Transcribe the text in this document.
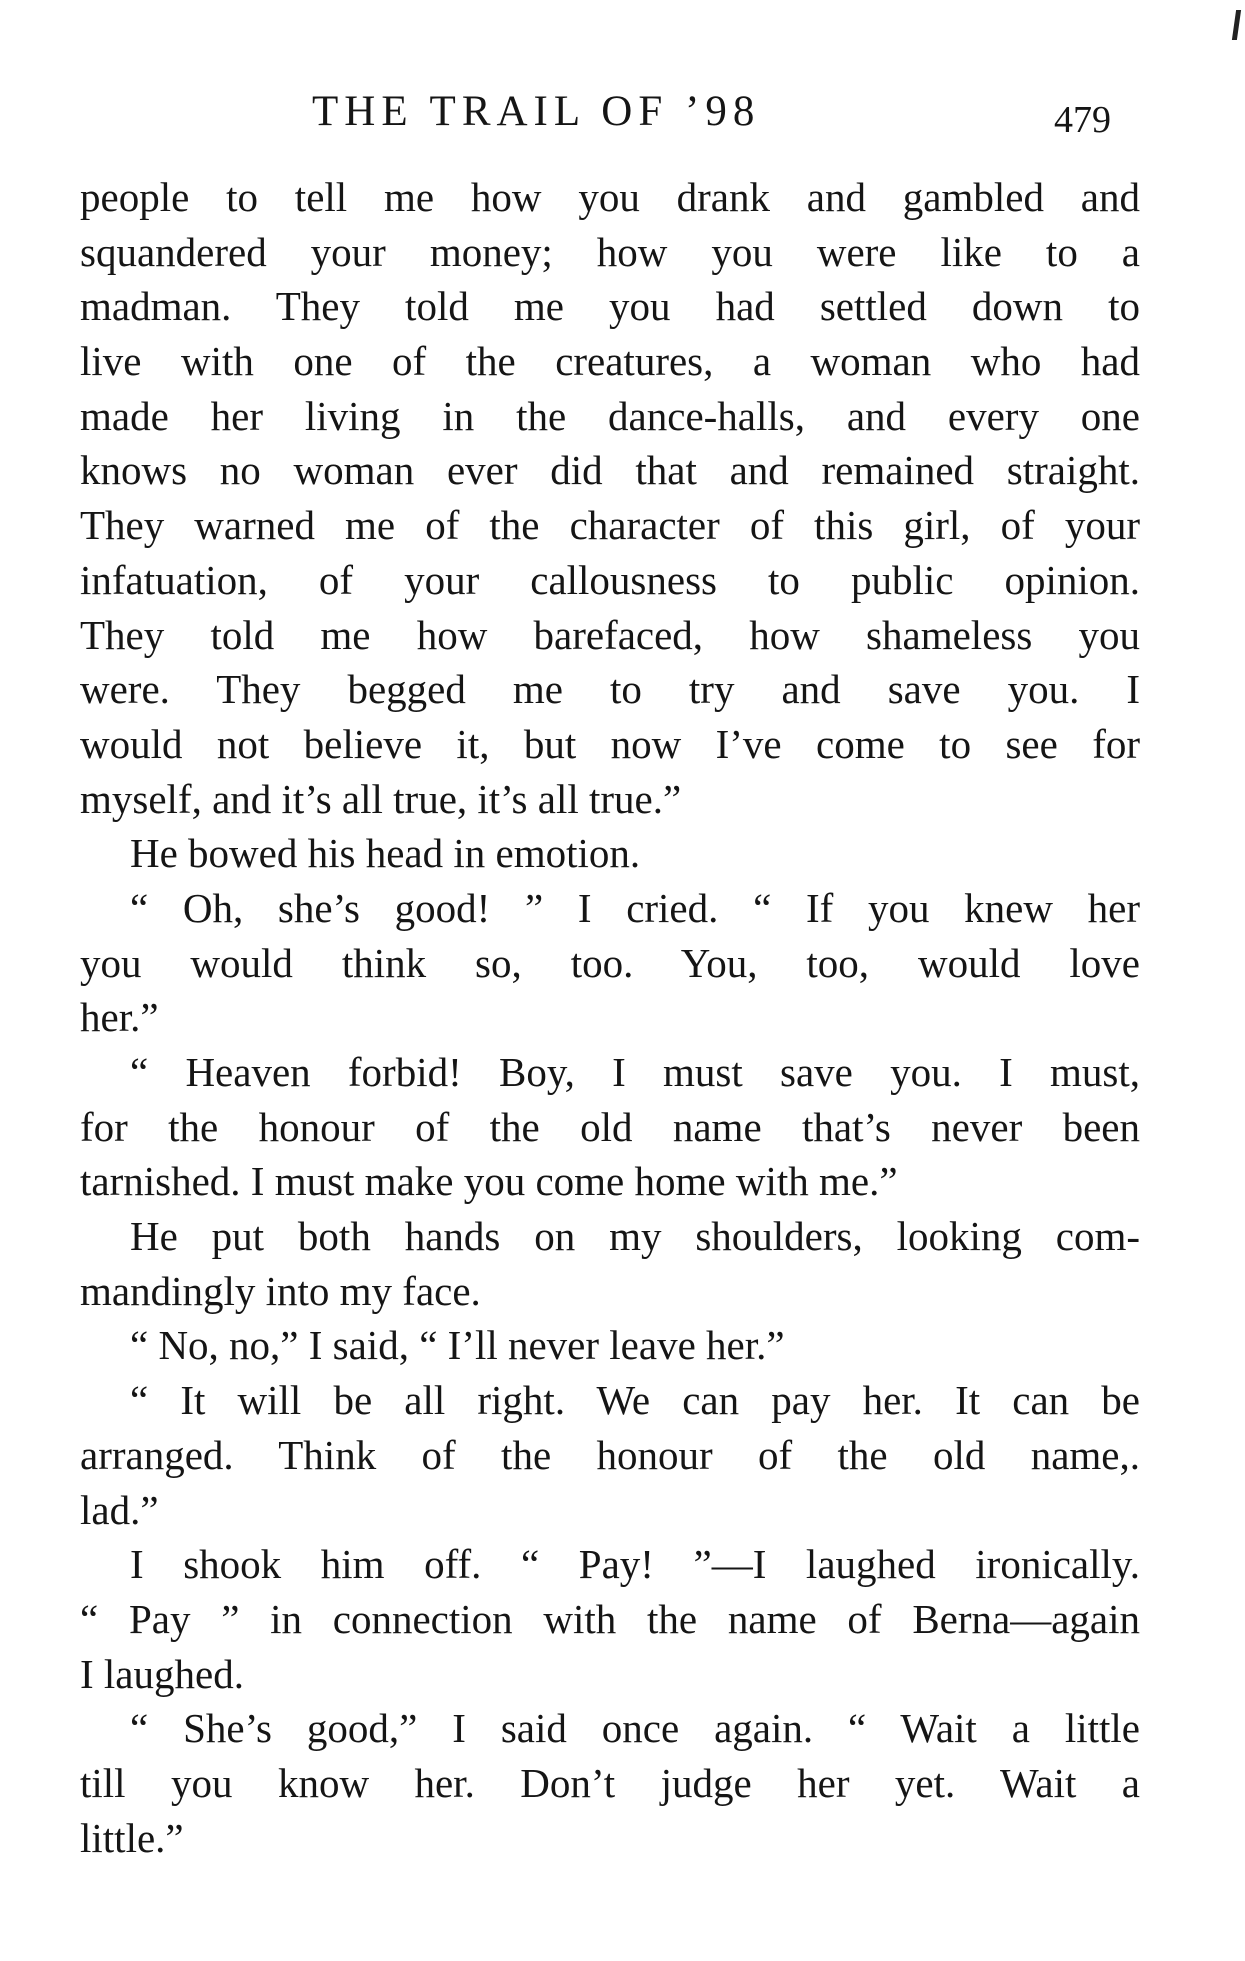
THE TRAIL OF ’98	479
people to tell me how you drank and gambled and
squandered your money; how you were like to a
madman. They told me you had settled down to
live with one of the creatures, a woman who had
made her living in the dance-halls, and every one
knows no woman ever did that and remained straight.
They warned me of the character of this girl, of your
infatuation, of your callousness to public opinion.
They told me how barefaced, how shameless you
were. They begged me to try and save you. I
would not believe it, but now I’ve come to see for
myself, and it’s all true, it’s all true.”
He bowed his head in emotion.
“ Oh, she’s good! ” I cried. “ If you knew her
you would think so, too. You, too, would love
her.”
“ Heaven forbid! Boy, I must save you. I must,
for the honour of the old name that’s never been
tarnished. I must make you come home with me.”
He put both hands on my shoulders, looking com-
mandingly into my face.
“ No, no,” I said, “ I’ll never leave her.”
“ It will be all right. We can pay her. It can be
arranged. Think of the honour of the old name,.
lad.”
I shook him off. “ Pay! ”—I laughed ironically.
“ Pay ” in connection with the name of Berna—again
I laughed.
“ She’s good,” I said once again. “ Wait a little
till you know her. Don’t judge her yet. Wait a
little.”
